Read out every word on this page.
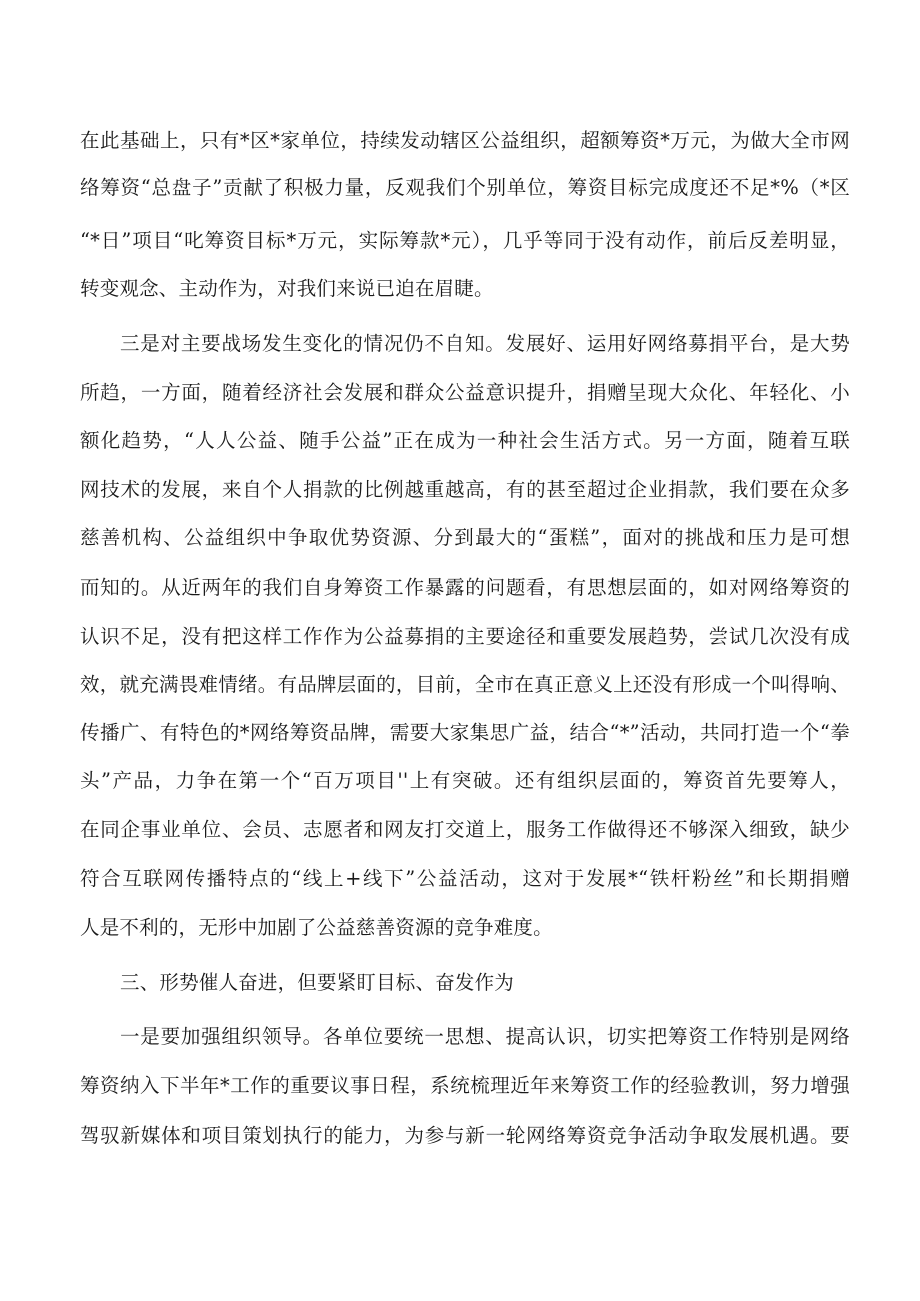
在此基础上，只有*区*家单位，持续发动辖区公益组织，超额筹资*万元，为做大全市网
络筹资“总盘子”贡献了积极力量，反观我们个别单位，筹资目标完成度还不足*%（*区
“*日”项目“叱筹资目标*万元，实际筹款*元），几乎等同于没有动作，前后反差明显，
转变观念、主动作为，对我们来说已迫在眉睫。
三是对主要战场发生变化的情况仍不自知。发展好、运用好网络募捐平台，是大势
所趋，一方面，随着经济社会发展和群众公益意识提升，捐赠呈现大众化、年轻化、小
额化趋势，“人人公益、随手公益”正在成为一种社会生活方式。另一方面，随着互联
网技术的发展，来自个人捐款的比例越重越高，有的甚至超过企业捐款，我们要在众多
慈善机构、公益组织中争取优势资源、分到最大的“蛋糕”，面对的挑战和压力是可想
而知的。从近两年的我们自身筹资工作暴露的问题看，有思想层面的，如对网络筹资的
认识不足，没有把这样工作作为公益募捐的主要途径和重要发展趋势，尝试几次没有成
效，就充满畏难情绪。有品牌层面的，目前，全市在真正意义上还没有形成一个叫得响、
传播广、有特色的*网络筹资品牌，需要大家集思广益，结合“*”活动，共同打造一个“拳
头”产品，力争在第一个“百万项目''上有突破。还有组织层面的，筹资首先要筹人，
在同企事业单位、会员、志愿者和网友打交道上，服务工作做得还不够深入细致，缺少
符合互联网传播特点的“线上+线下”公益活动，这对于发展*“铁杆粉丝”和长期捐赠
人是不利的，无形中加剧了公益慈善资源的竞争难度。
三、形势催人奋进，但要紧盯目标、奋发作为
一是要加强组织领导。各单位要统一思想、提高认识，切实把筹资工作特别是网络
筹资纳入下半年*工作的重要议事日程，系统梳理近年来筹资工作的经验教训，努力增强
驾驭新媒体和项目策划执行的能力，为参与新一轮网络筹资竞争活动争取发展机遇。要
